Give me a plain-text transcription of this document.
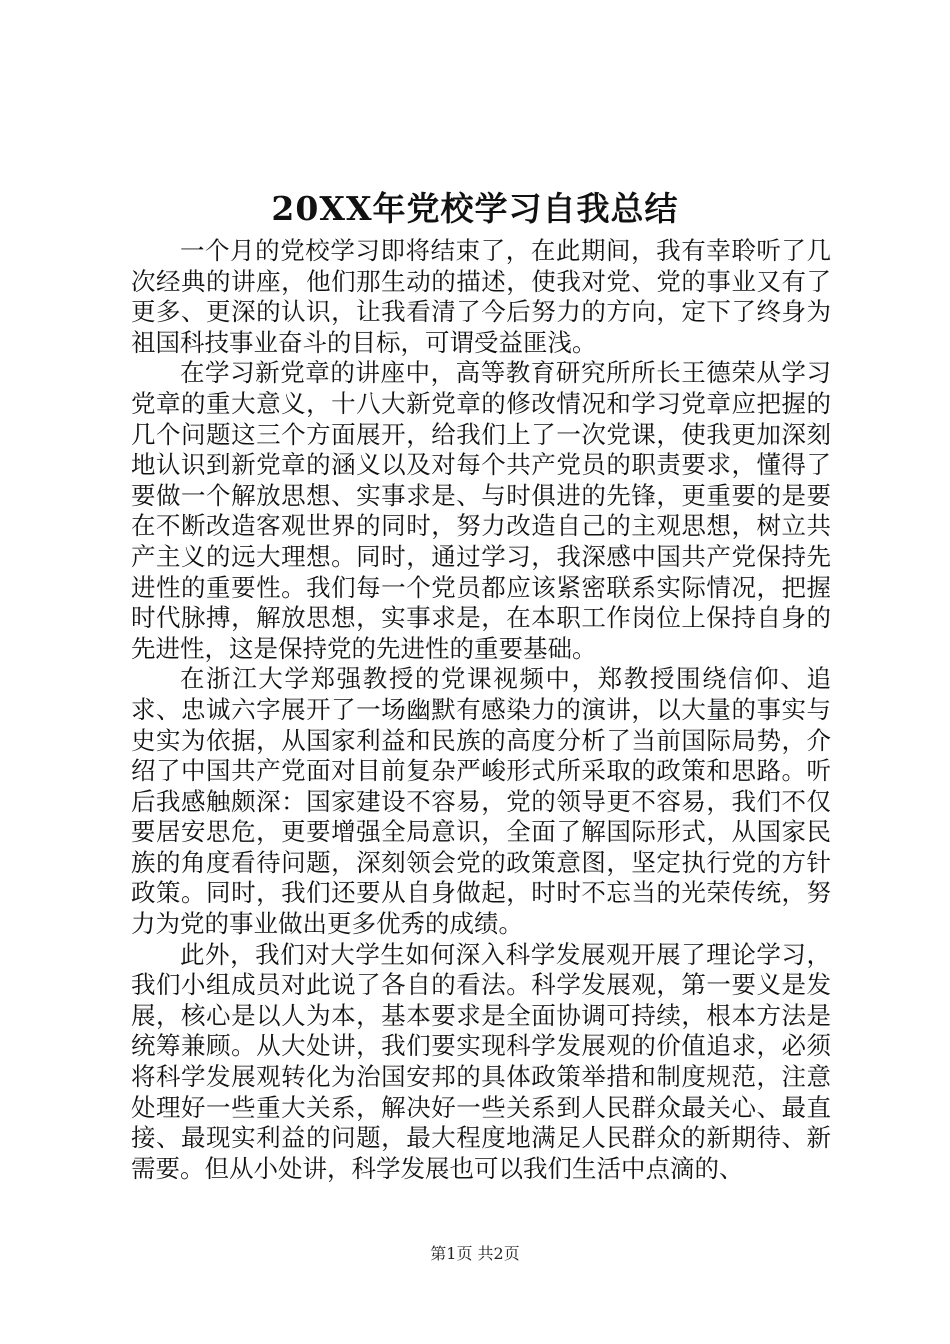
20XX年党校学习自我总结

一个月的党校学习即将结束了，在此期间，我有幸聆听了几次经典的讲座，他们那生动的描述，使我对党、党的事业又有了更多、更深的认识，让我看清了今后努力的方向，定下了终身为祖国科技事业奋斗的目标，可谓受益匪浅。

在学习新党章的讲座中，高等教育研究所所长王德荣从学习党章的重大意义，十八大新党章的修改情况和学习党章应把握的几个问题这三个方面展开，给我们上了一次党课，使我更加深刻地认识到新党章的涵义以及对每个共产党员的职责要求，懂得了要做一个解放思想、实事求是、与时俱进的先锋，更重要的是要在不断改造客观世界的同时，努力改造自己的主观思想，树立共产主义的远大理想。同时，通过学习，我深感中国共产党保持先进性的重要性。我们每一个党员都应该紧密联系实际情况，把握时代脉搏，解放思想，实事求是，在本职工作岗位上保持自身的先进性，这是保持党的先进性的重要基础。

在浙江大学郑强教授的党课视频中，郑教授围绕信仰、追求、忠诚六字展开了一场幽默有感染力的演讲，以大量的事实与史实为依据，从国家利益和民族的高度分析了当前国际局势，介绍了中国共产党面对目前复杂严峻形式所采取的政策和思路。听后我感触颇深：国家建设不容易，党的领导更不容易，我们不仅要居安思危，更要增强全局意识，全面了解国际形式，从国家民族的角度看待问题，深刻领会党的政策意图，坚定执行党的方针政策。同时，我们还要从自身做起，时时不忘当的光荣传统，努力为党的事业做出更多优秀的成绩。

此外，我们对大学生如何深入科学发展观开展了理论学习，我们小组成员对此说了各自的看法。科学发展观，第一要义是发展，核心是以人为本，基本要求是全面协调可持续，根本方法是统筹兼顾。从大处讲，我们要实现科学发展观的价值追求，必须将科学发展观转化为治国安邦的具体政策举措和制度规范，注意处理好一些重大关系，解决好一些关系到人民群众最关心、最直接、最现实利益的问题，最大程度地满足人民群众的新期待、新需要。但从小处讲，科学发展也可以我们生活中点滴的、

第1页 共2页
